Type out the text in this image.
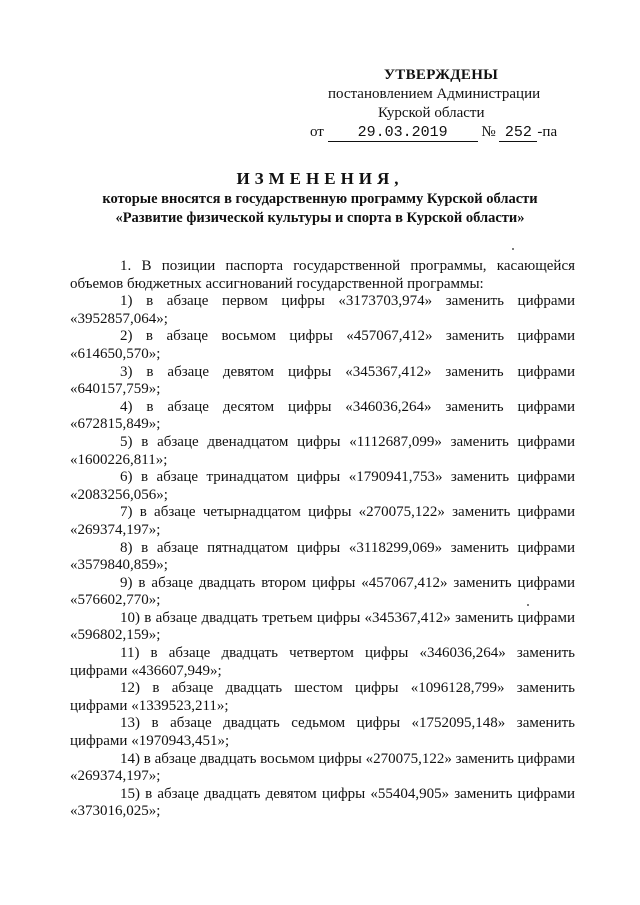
УТВЕРЖДЕНЫ
постановлением Администрации
Курской области
от 29.03.2019 № 252 -па
ИЗМЕНЕНИЯ,
которые вносятся в государственную программу Курской области
«Развитие физической культуры и спорта в Курской области»

1. В позиции паспорта государственной программы, касающейся объемов бюджетных ассигнований государственной программы:

1) в абзаце первом цифры «3173703,974» заменить цифрами «3952857,064»;

2) в абзаце восьмом цифры «457067,412» заменить цифрами «614650,570»;

3) в абзаце девятом цифры «345367,412» заменить цифрами «640157,759»;

4) в абзаце десятом цифры «346036,264» заменить цифрами «672815,849»;

5) в абзаце двенадцатом цифры «1112687,099» заменить цифрами «1600226,811»;

6) в абзаце тринадцатом цифры «1790941,753» заменить цифрами «2083256,056»;

7) в абзаце четырнадцатом цифры «270075,122» заменить цифрами «269374,197»;

8) в абзаце пятнадцатом цифры «3118299,069» заменить цифрами «3579840,859»;

9) в абзаце двадцать втором цифры «457067,412» заменить цифрами «576602,770»;

10) в абзаце двадцать третьем цифры «345367,412» заменить цифрами «596802,159»;

11) в абзаце двадцать четвертом цифры «346036,264» заменить цифрами «436607,949»;

12) в абзаце двадцать шестом цифры «1096128,799» заменить цифрами «1339523,211»;

13) в абзаце двадцать седьмом цифры «1752095,148» заменить цифрами «1970943,451»;

14) в абзаце двадцать восьмом цифры «270075,122» заменить цифрами «269374,197»;

15) в абзаце двадцать девятом цифры «55404,905» заменить цифрами «373016,025»;
